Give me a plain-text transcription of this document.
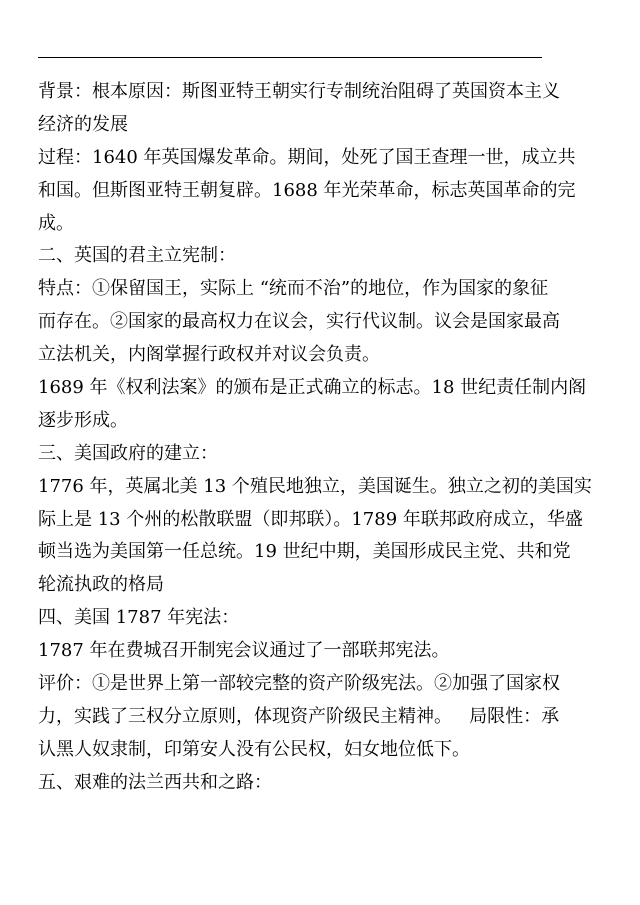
背景：根本原因：斯图亚特王朝实行专制统治阻碍了英国资本主义
经济的发展
过程：1640 年英国爆发革命。期间，处死了国王查理一世，成立共
和国。但斯图亚特王朝复辟。1688 年光荣革命，标志英国革命的完
成。
二、英国的君主立宪制：
特点：①保留国王，实际上 “统而不治”的地位，作为国家的象征
而存在。②国家的最高权力在议会，实行代议制。议会是国家最高
立法机关，内阁掌握行政权并对议会负责。
1689 年《权利法案》的颁布是正式确立的标志。18 世纪责任制内阁
逐步形成。
三、美国政府的建立：
1776 年，英属北美 13 个殖民地独立，美国诞生。独立之初的美国实
际上是 13 个州的松散联盟（即邦联）。1789 年联邦政府成立，华盛
顿当选为美国第一任总统。19 世纪中期，美国形成民主党、共和党
轮流执政的格局
四、美国 1787 年宪法：
1787 年在费城召开制宪会议通过了一部联邦宪法。
评价：①是世界上第一部较完整的资产阶级宪法。②加强了国家权
力，实践了三权分立原则，体现资产阶级民主精神。   局限性：承
认黑人奴隶制，印第安人没有公民权，妇女地位低下。
五、艰难的法兰西共和之路：
